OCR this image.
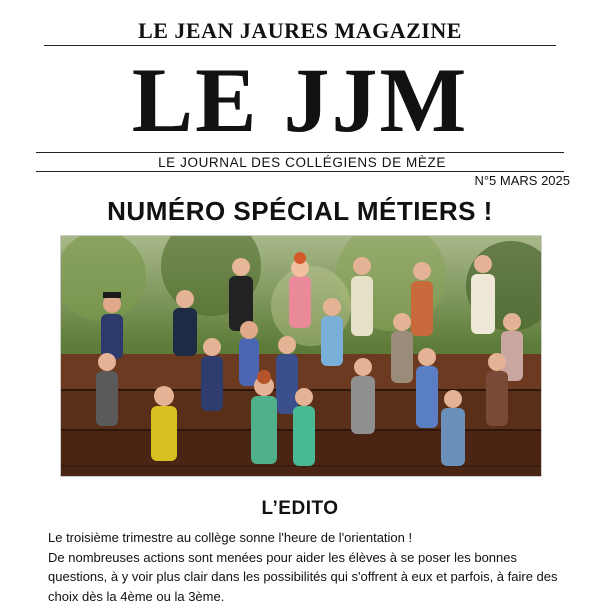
LE JEAN JAURES MAGAZINE
LE JJM
LE JOURNAL DES COLLÉGIENS DE MÈZE
N°5 MARS 2025
NUMÉRO SPÉCIAL MÉTIERS !
L’EDITO

Le troisième trimestre au collège sonne l'heure de l'orientation !

De nombreuses actions sont menées pour aider les élèves à se poser les bonnes questions, à y voir plus clair dans les possibilités qui s'offrent à eux et parfois, à faire des choix dès la 4ème ou la 3ème.
